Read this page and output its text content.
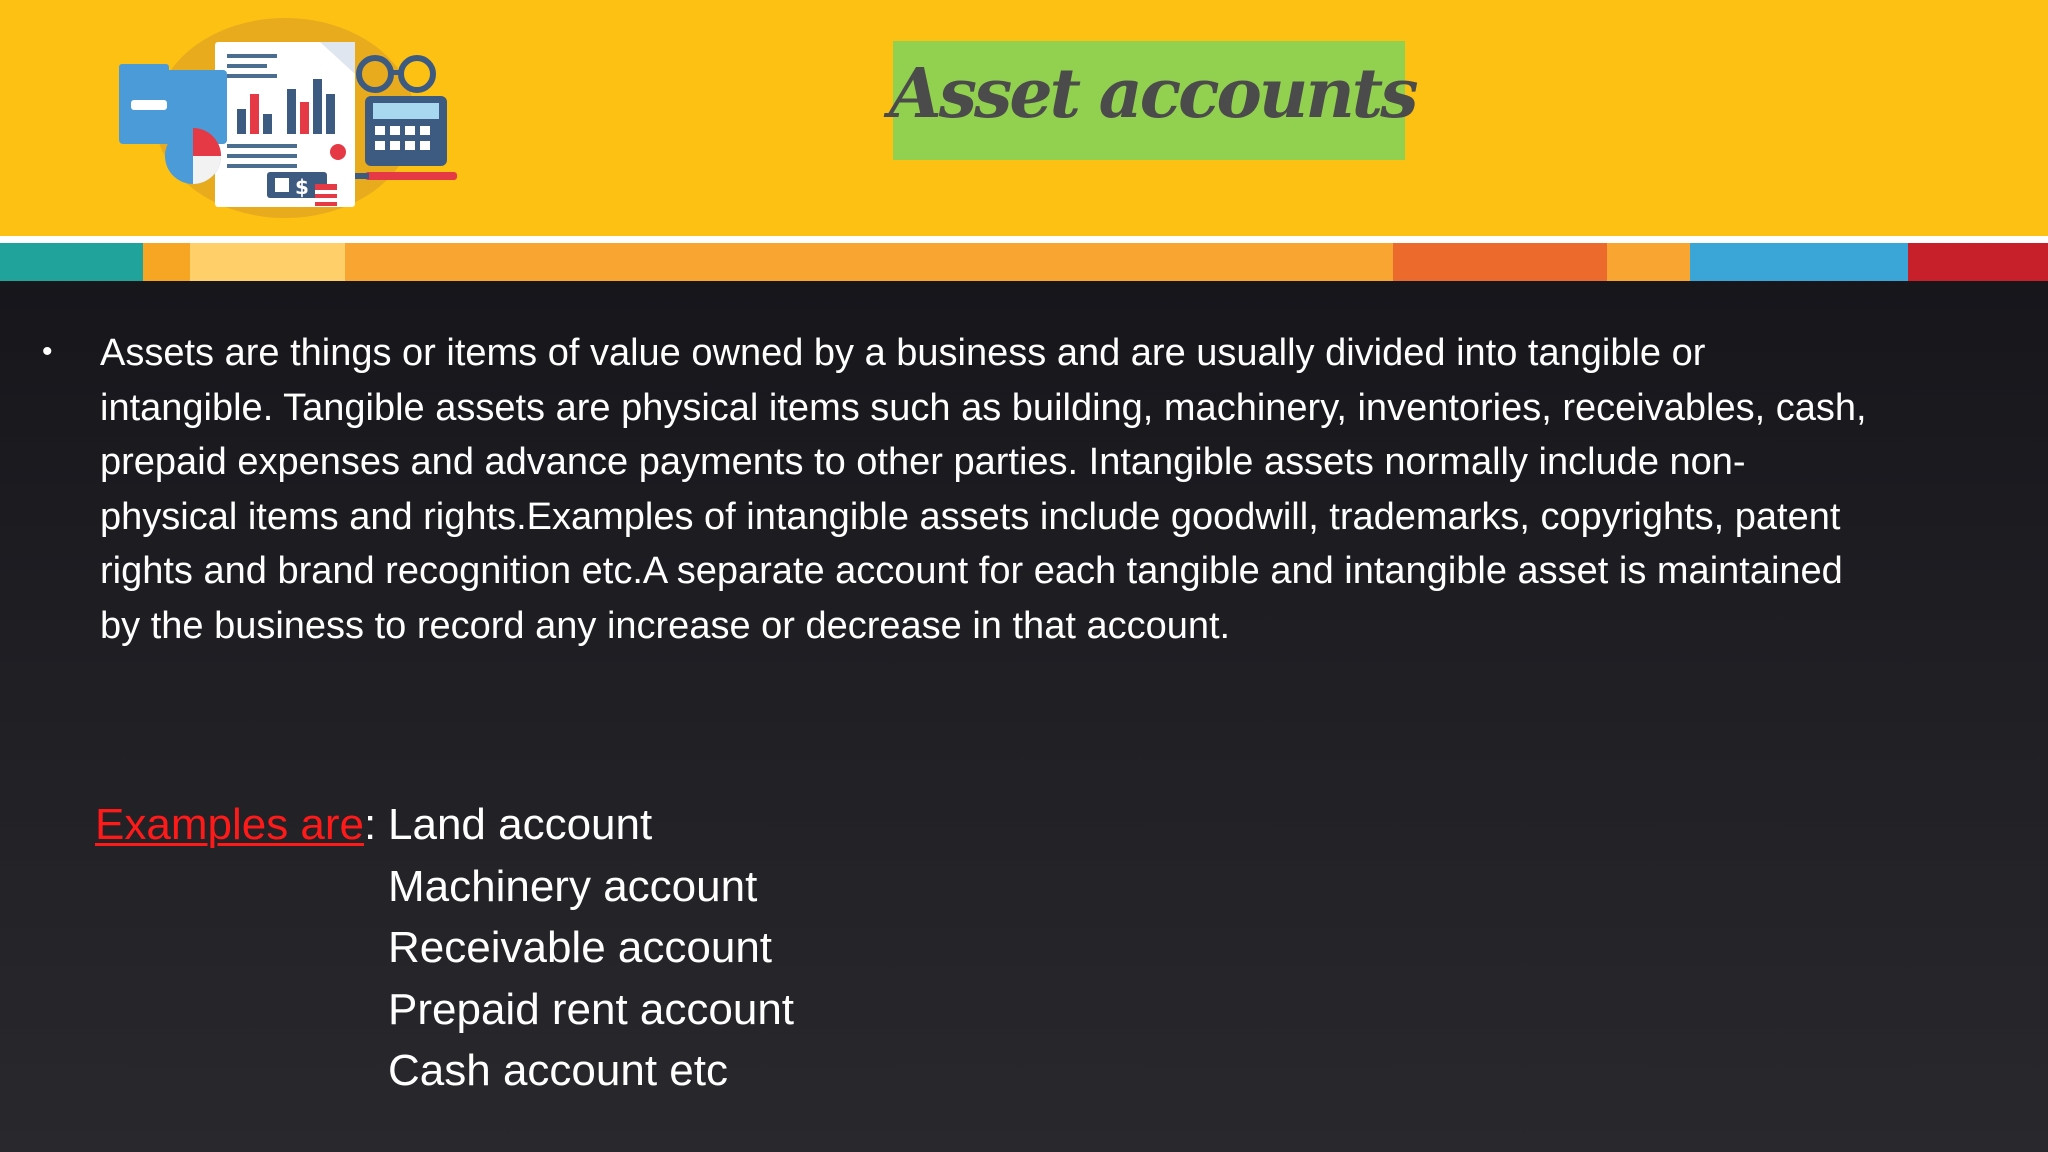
$
Asset accounts
• Assets are things or items of value owned by a business and are usually divided into tangible or intangible. Tangible assets are physical items such as building, machinery, inventories, receivables, cash, prepaid expenses and advance payments to other parties. Intangible assets normally include non-physical items and rights.Examples of intangible assets include goodwill, trademarks, copyrights, patent rights and brand recognition etc.A separate account for each tangible and intangible asset is maintained by the business to record any increase or decrease in that account.
Examples are: Land account
Machinery account
Receivable account
Prepaid rent account
Cash account etc
